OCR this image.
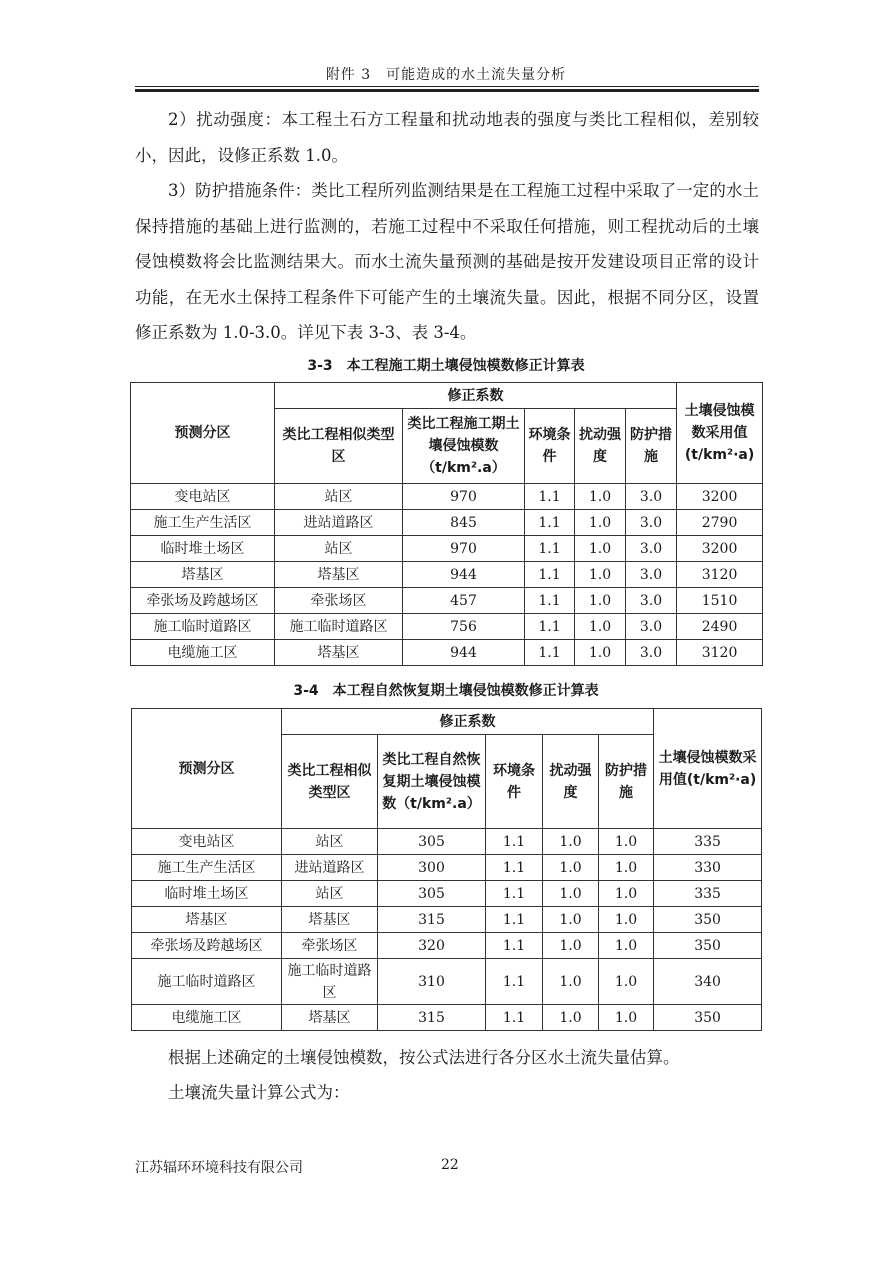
附件 3　可能造成的水土流失量分析

2）扰动强度：本工程土石方工程量和扰动地表的强度与类比工程相似，差别较小，因此，设修正系数 1.0。

3）防护措施条件：类比工程所列监测结果是在工程施工过程中采取了一定的水土保持措施的基础上进行监测的，若施工过程中不采取任何措施，则工程扰动后的土壤侵蚀模数将会比监测结果大。而水土流失量预测的基础是按开发建设项目正常的设计功能，在无水土保持工程条件下可能产生的土壤流失量。因此，根据不同分区，设置修正系数为 1.0-3.0。详见下表 3-3、表 3-4。

3-3　本工程施工期土壤侵蚀模数修正计算表
预测分区	修正系数					土壤侵蚀模数采用值(t/km²·a)
	类比工程相似类型区	类比工程施工期土壤侵蚀模数（t/km².a）	环境条件	扰动强度	防护措施	
变电站区	站区	970	1.1	1.0	3.0	3200
施工生产生活区	进站道路区	845	1.1	1.0	3.0	2790
临时堆土场区	站区	970	1.1	1.0	3.0	3200
塔基区	塔基区	944	1.1	1.0	3.0	3120
牵张场及跨越场区	牵张场区	457	1.1	1.0	3.0	1510
施工临时道路区	施工临时道路区	756	1.1	1.0	3.0	2490
电缆施工区	塔基区	944	1.1	1.0	3.0	3120
3-4　本工程自然恢复期土壤侵蚀模数修正计算表
预测分区	修正系数					土壤侵蚀模数采用值(t/km²·a)
	类比工程相似类型区	类比工程自然恢复期土壤侵蚀模数（t/km².a）	环境条件	扰动强度	防护措施	
变电站区	站区	305	1.1	1.0	1.0	335
施工生产生活区	进站道路区	300	1.1	1.0	1.0	330
临时堆土场区	站区	305	1.1	1.0	1.0	335
塔基区	塔基区	315	1.1	1.0	1.0	350
牵张场及跨越场区	牵张场区	320	1.1	1.0	1.0	350
施工临时道路区	施工临时道路区	310	1.1	1.0	1.0	340
电缆施工区	塔基区	315	1.1	1.0	1.0	350

根据上述确定的土壤侵蚀模数，按公式法进行各分区水土流失量估算。

土壤流失量计算公式为：

江苏辐环环境科技有限公司	22
